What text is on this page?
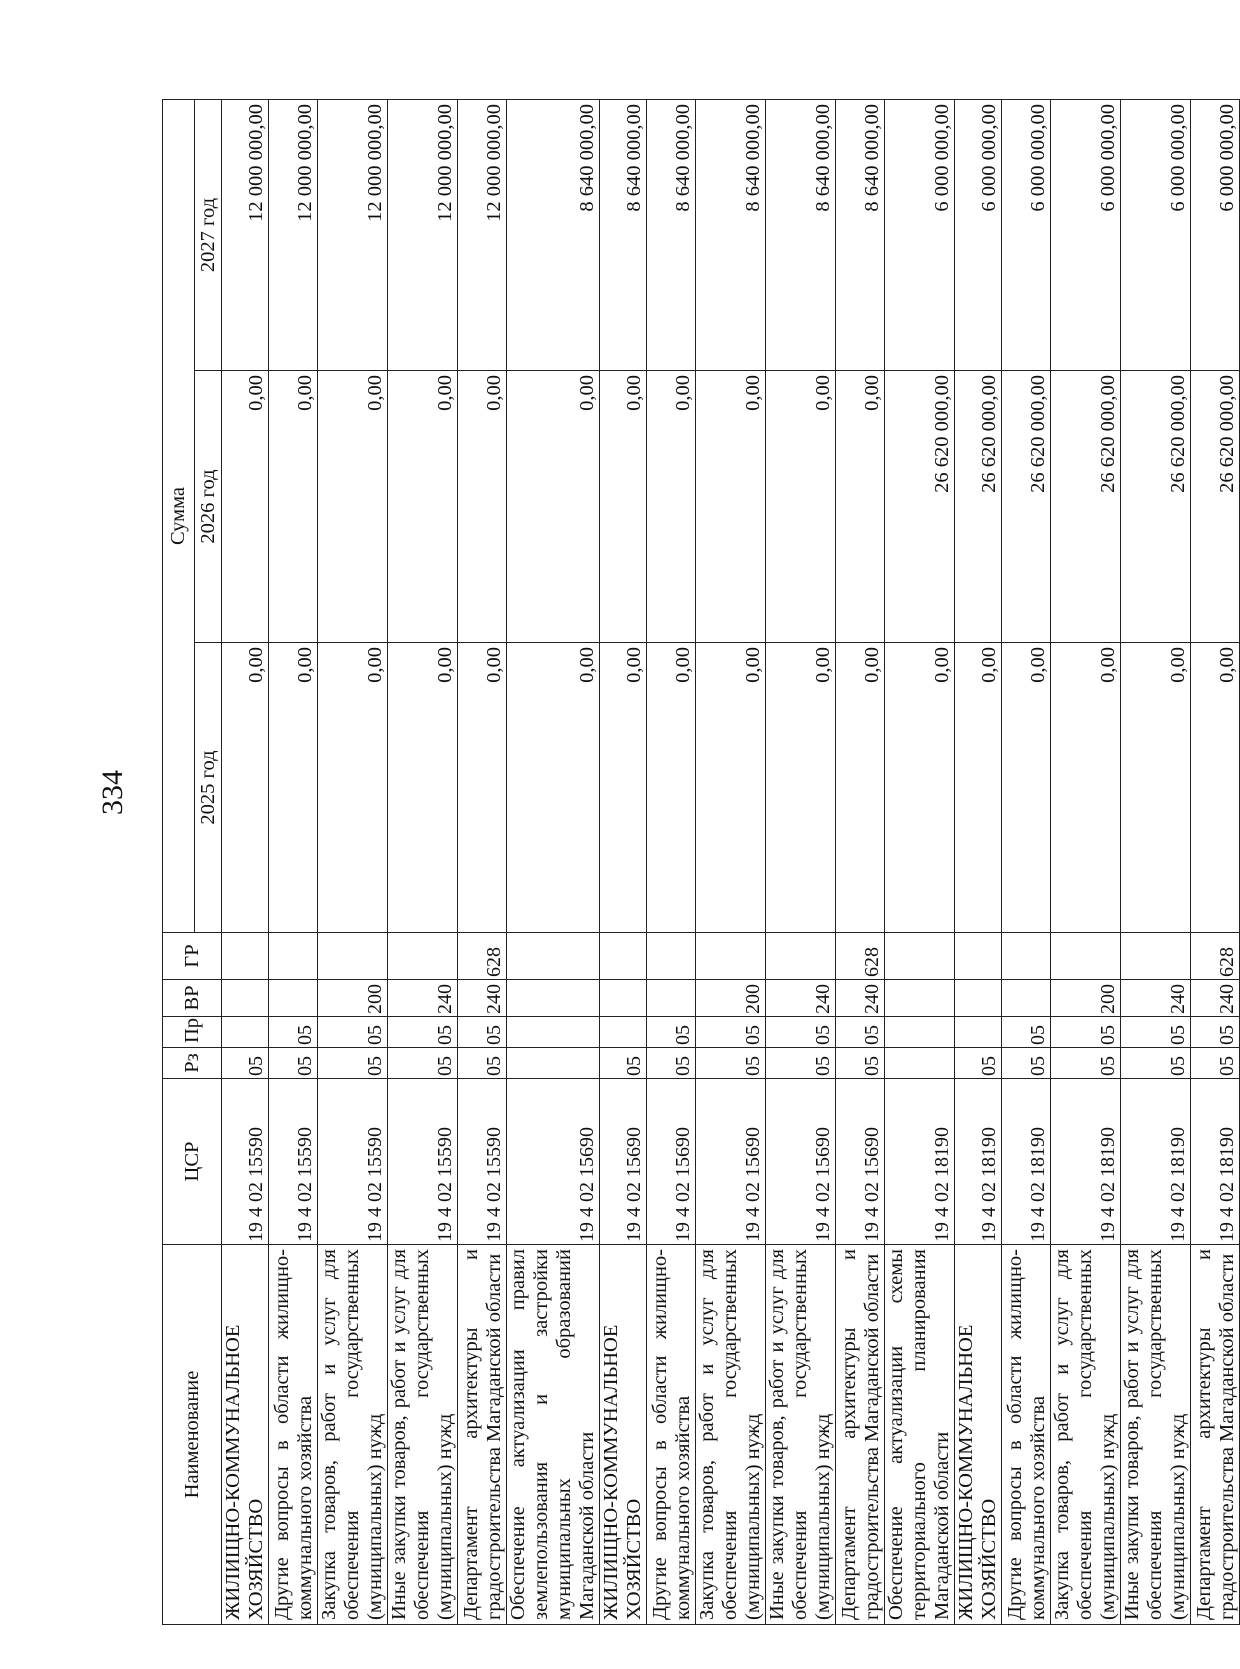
334
Наименование	ЦСР	Рз	Пр	ВР	ГР	Сумма		
						2025 год	2026 год	2027 год
ЖИЛИЩНО-КОММУНАЛЬНОЕ ХОЗЯЙСТВО	19 4 02 15590	05				0,00	0,00	12 000 000,00
Другие вопросы в области жилищно-коммунального хозяйства	19 4 02 15590	05	05			0,00	0,00	12 000 000,00
Закупка товаров, работ и услуг для обеспечения государственных (муниципальных) нужд	19 4 02 15590	05	05	200		0,00	0,00	12 000 000,00
Иные закупки товаров, работ и услуг для обеспечения государственных (муниципальных) нужд	19 4 02 15590	05	05	240		0,00	0,00	12 000 000,00
Департамент архитектуры и градостроительства Магаданской области	19 4 02 15590	05	05	240	628	0,00	0,00	12 000 000,00
Обеспечение актуализации правил землепользования и застройки муниципальных образований Магаданской области	19 4 02 15690					0,00	0,00	8 640 000,00
ЖИЛИЩНО-КОММУНАЛЬНОЕ ХОЗЯЙСТВО	19 4 02 15690	05				0,00	0,00	8 640 000,00
Другие вопросы в области жилищно-коммунального хозяйства	19 4 02 15690	05	05			0,00	0,00	8 640 000,00
Закупка товаров, работ и услуг для обеспечения государственных (муниципальных) нужд	19 4 02 15690	05	05	200		0,00	0,00	8 640 000,00
Иные закупки товаров, работ и услуг для обеспечения государственных (муниципальных) нужд	19 4 02 15690	05	05	240		0,00	0,00	8 640 000,00
Департамент архитектуры и градостроительства Магаданской области	19 4 02 15690	05	05	240	628	0,00	0,00	8 640 000,00
Обеспечение актуализации схемы территориального планирования Магаданской области	19 4 02 18190					0,00	26 620 000,00	6 000 000,00
ЖИЛИЩНО-КОММУНАЛЬНОЕ ХОЗЯЙСТВО	19 4 02 18190	05				0,00	26 620 000,00	6 000 000,00
Другие вопросы в области жилищно-коммунального хозяйства	19 4 02 18190	05	05			0,00	26 620 000,00	6 000 000,00
Закупка товаров, работ и услуг для обеспечения государственных (муниципальных) нужд	19 4 02 18190	05	05	200		0,00	26 620 000,00	6 000 000,00
Иные закупки товаров, работ и услуг для обеспечения государственных (муниципальных) нужд	19 4 02 18190	05	05	240		0,00	26 620 000,00	6 000 000,00
Департамент архитектуры и градостроительства Магаданской области	19 4 02 18190	05	05	240	628	0,00	26 620 000,00	6 000 000,00
